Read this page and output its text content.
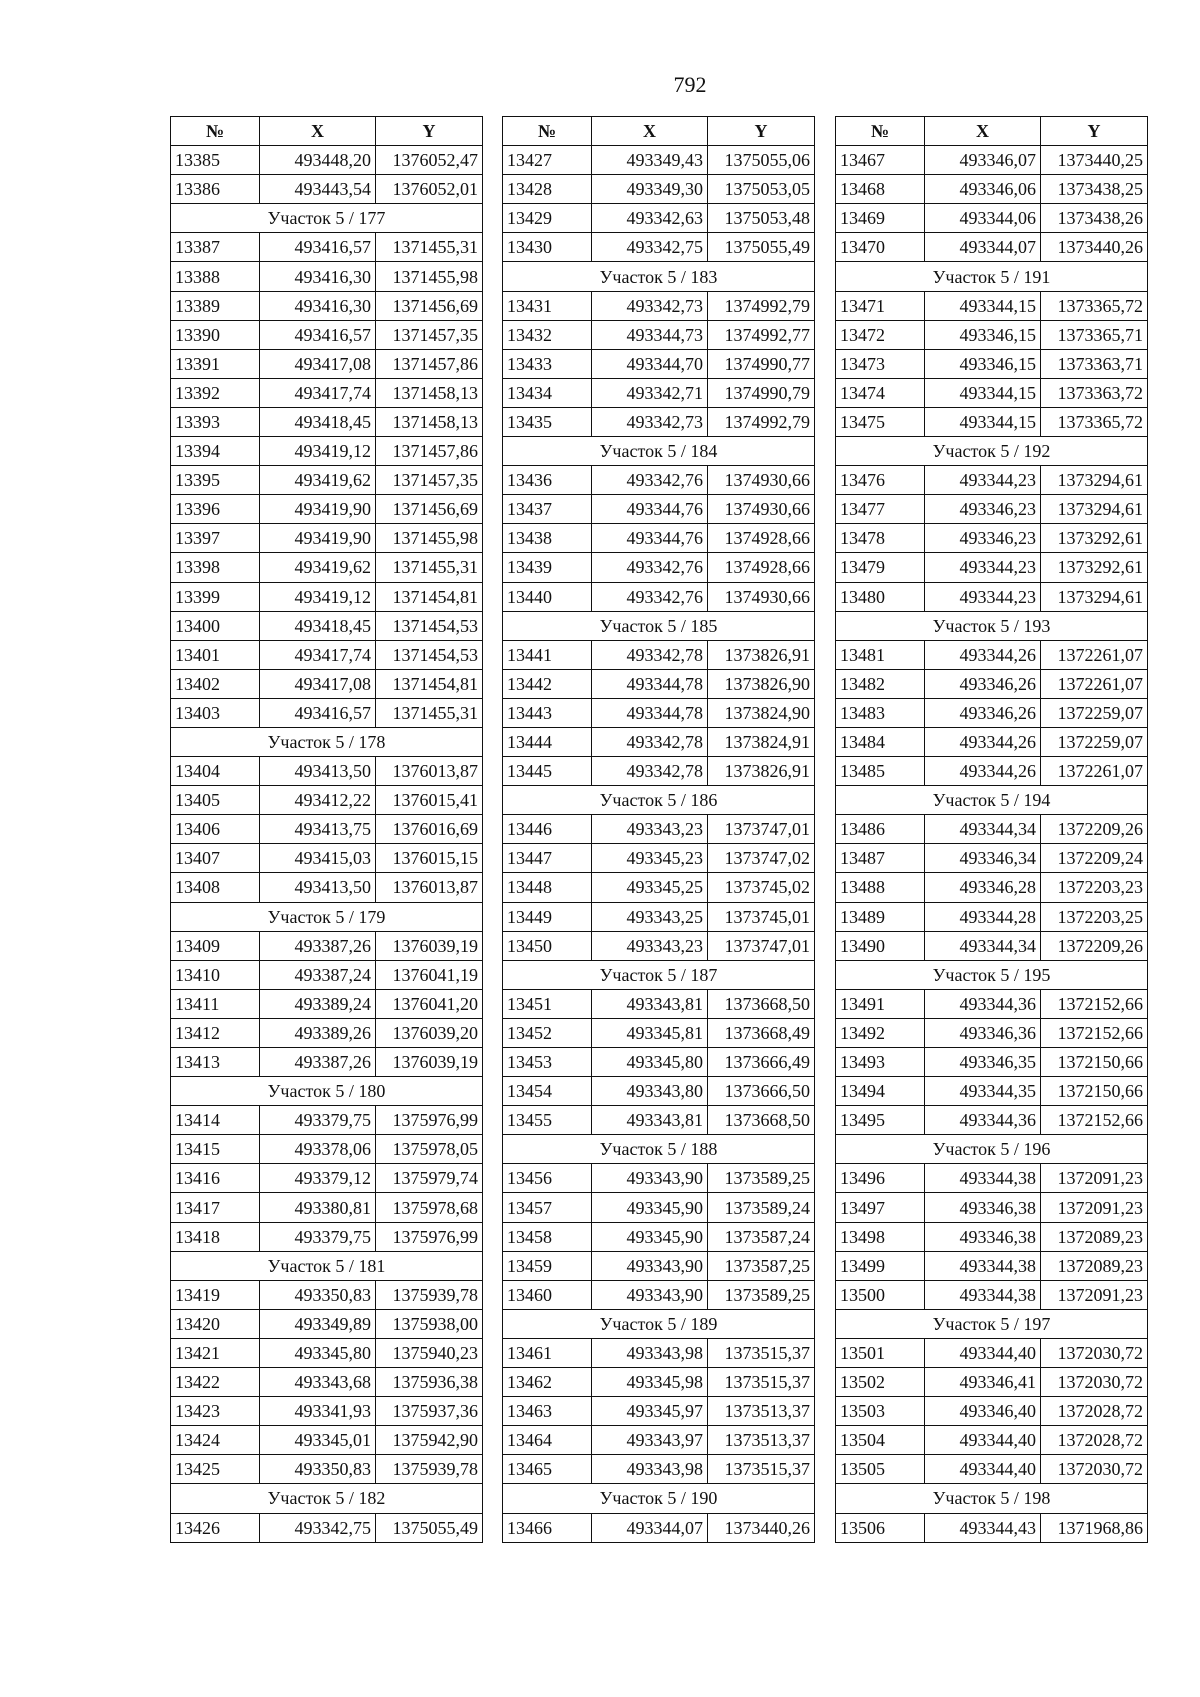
792
№	X	Y
13385	493448,20	1376052,47
13386	493443,54	1376052,01
Участок 5 / 177		
13387	493416,57	1371455,31
13388	493416,30	1371455,98
13389	493416,30	1371456,69
13390	493416,57	1371457,35
13391	493417,08	1371457,86
13392	493417,74	1371458,13
13393	493418,45	1371458,13
13394	493419,12	1371457,86
13395	493419,62	1371457,35
13396	493419,90	1371456,69
13397	493419,90	1371455,98
13398	493419,62	1371455,31
13399	493419,12	1371454,81
13400	493418,45	1371454,53
13401	493417,74	1371454,53
13402	493417,08	1371454,81
13403	493416,57	1371455,31
Участок 5 / 178		
13404	493413,50	1376013,87
13405	493412,22	1376015,41
13406	493413,75	1376016,69
13407	493415,03	1376015,15
13408	493413,50	1376013,87
Участок 5 / 179		
13409	493387,26	1376039,19
13410	493387,24	1376041,19
13411	493389,24	1376041,20
13412	493389,26	1376039,20
13413	493387,26	1376039,19
Участок 5 / 180		
13414	493379,75	1375976,99
13415	493378,06	1375978,05
13416	493379,12	1375979,74
13417	493380,81	1375978,68
13418	493379,75	1375976,99
Участок 5 / 181		
13419	493350,83	1375939,78
13420	493349,89	1375938,00
13421	493345,80	1375940,23
13422	493343,68	1375936,38
13423	493341,93	1375937,36
13424	493345,01	1375942,90
13425	493350,83	1375939,78
Участок 5 / 182		
13426	493342,75	1375055,49
№	X	Y
13427	493349,43	1375055,06
13428	493349,30	1375053,05
13429	493342,63	1375053,48
13430	493342,75	1375055,49
Участок 5 / 183		
13431	493342,73	1374992,79
13432	493344,73	1374992,77
13433	493344,70	1374990,77
13434	493342,71	1374990,79
13435	493342,73	1374992,79
Участок 5 / 184		
13436	493342,76	1374930,66
13437	493344,76	1374930,66
13438	493344,76	1374928,66
13439	493342,76	1374928,66
13440	493342,76	1374930,66
Участок 5 / 185		
13441	493342,78	1373826,91
13442	493344,78	1373826,90
13443	493344,78	1373824,90
13444	493342,78	1373824,91
13445	493342,78	1373826,91
Участок 5 / 186		
13446	493343,23	1373747,01
13447	493345,23	1373747,02
13448	493345,25	1373745,02
13449	493343,25	1373745,01
13450	493343,23	1373747,01
Участок 5 / 187		
13451	493343,81	1373668,50
13452	493345,81	1373668,49
13453	493345,80	1373666,49
13454	493343,80	1373666,50
13455	493343,81	1373668,50
Участок 5 / 188		
13456	493343,90	1373589,25
13457	493345,90	1373589,24
13458	493345,90	1373587,24
13459	493343,90	1373587,25
13460	493343,90	1373589,25
Участок 5 / 189		
13461	493343,98	1373515,37
13462	493345,98	1373515,37
13463	493345,97	1373513,37
13464	493343,97	1373513,37
13465	493343,98	1373515,37
Участок 5 / 190		
13466	493344,07	1373440,26
№	X	Y
13467	493346,07	1373440,25
13468	493346,06	1373438,25
13469	493344,06	1373438,26
13470	493344,07	1373440,26
Участок 5 / 191		
13471	493344,15	1373365,72
13472	493346,15	1373365,71
13473	493346,15	1373363,71
13474	493344,15	1373363,72
13475	493344,15	1373365,72
Участок 5 / 192		
13476	493344,23	1373294,61
13477	493346,23	1373294,61
13478	493346,23	1373292,61
13479	493344,23	1373292,61
13480	493344,23	1373294,61
Участок 5 / 193		
13481	493344,26	1372261,07
13482	493346,26	1372261,07
13483	493346,26	1372259,07
13484	493344,26	1372259,07
13485	493344,26	1372261,07
Участок 5 / 194		
13486	493344,34	1372209,26
13487	493346,34	1372209,24
13488	493346,28	1372203,23
13489	493344,28	1372203,25
13490	493344,34	1372209,26
Участок 5 / 195		
13491	493344,36	1372152,66
13492	493346,36	1372152,66
13493	493346,35	1372150,66
13494	493344,35	1372150,66
13495	493344,36	1372152,66
Участок 5 / 196		
13496	493344,38	1372091,23
13497	493346,38	1372091,23
13498	493346,38	1372089,23
13499	493344,38	1372089,23
13500	493344,38	1372091,23
Участок 5 / 197		
13501	493344,40	1372030,72
13502	493346,41	1372030,72
13503	493346,40	1372028,72
13504	493344,40	1372028,72
13505	493344,40	1372030,72
Участок 5 / 198		
13506	493344,43	1371968,86
